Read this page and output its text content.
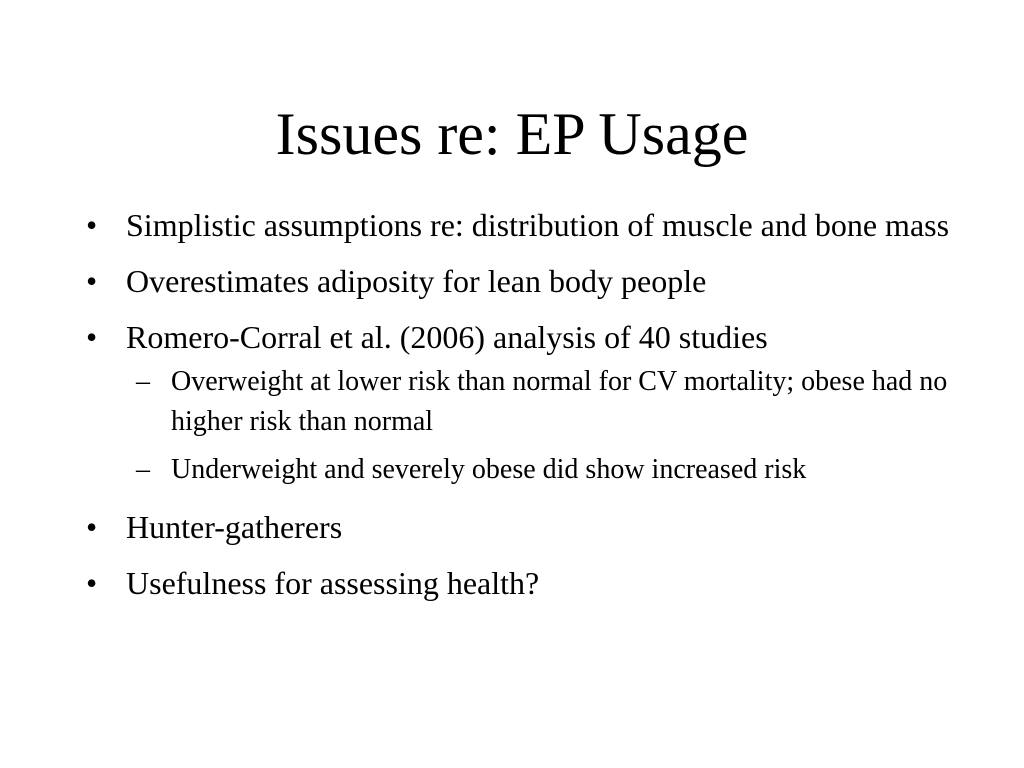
Issues re: EP Usage
• Simplistic assumptions re: distribution of muscle and bone mass
• Overestimates adiposity for lean body people
• Romero-Corral et al. (2006) analysis of 40 studies
– Overweight at lower risk than normal for CV mortality; obese had no higher risk than normal
– Underweight and severely obese did show increased risk
• Hunter-gatherers
• Usefulness for assessing health?
